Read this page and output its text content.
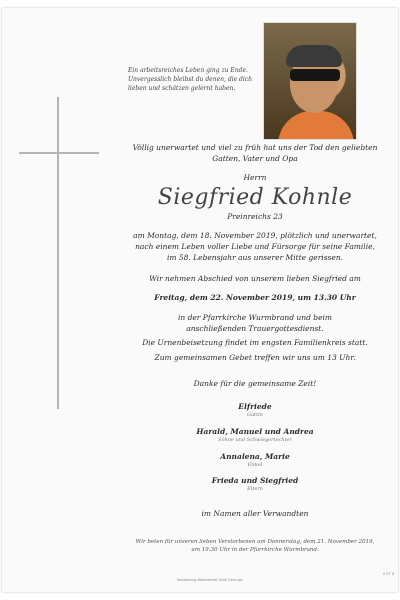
Ein arbeitsreiches Leben ging zu Ende. Unvergesslich bleibst du denen, die dich lieben und schätzen gelernt haben.
Völlig unerwartet und viel zu früh hat uns der Tod den geliebten
Gatten, Vater und Opa
Herrn
Siegfried Kohnle
Preinreichs 23
am Montag, dem 18. November 2019, plötzlich und unerwartet,
nach einem Leben voller Liebe und Fürsorge für seine Familie,
im 58. Lebensjahr aus unserer Mitte gerissen.
Wir nehmen Abschied von unserem lieben Siegfried am
Freitag, dem 22. November 2019, um 13.30 Uhr
in der Pfarrkirche Wurmbrand und beim
anschließenden Trauergottesdienst.
Die Urnenbeisetzung findet im engsten Familienkreis statt.
Zum gemeinsamen Gebet treffen wir uns um 13 Uhr.
Danke für die gemeinsame Zeit!
Elfriede
Gattin
Harald, Manuel und Andrea
Söhne und Schwiegertochter
Annalena, Marie
Enkel
Frieda und Siegfried
Eltern
im Namen aller Verwandten
Wir beten für unseren lieben Verstorbenen am Donnerstag, dem 21. November 2019,
um 19.30 Uhr in der Pfarrkirche Wurmbrand.
Bestattung Waldviertel Groß Gerungs
0 07 0
